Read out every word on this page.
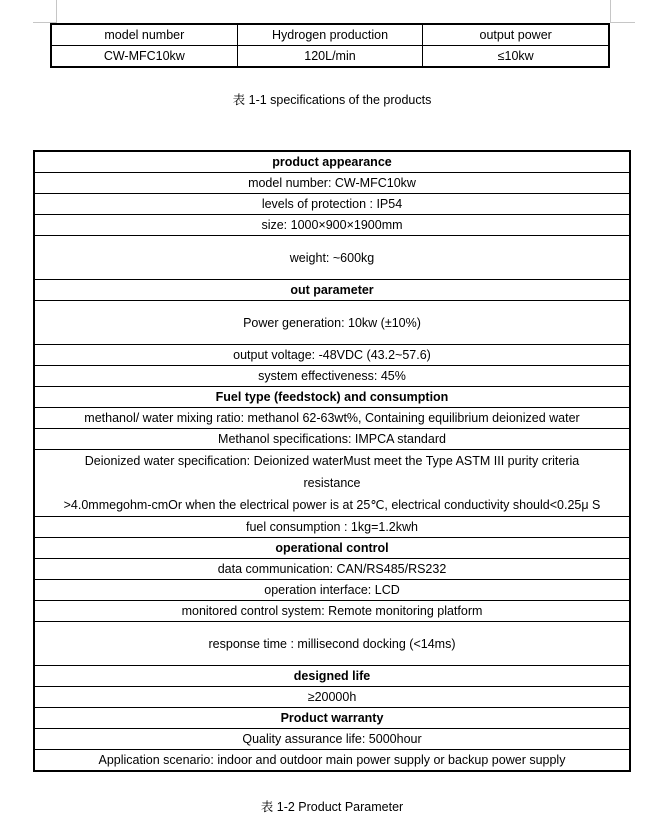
model number	Hydrogen production	output power
CW-MFC10kw	120L/min	≤10kw
表 1-1 specifications of the products
product appearance
model number: CW-MFC10kw
levels of protection : IP54
size: 1000×900×1900mm
weight: ~600kg
out parameter
Power generation: 10kw (±10%)
output voltage: -48VDC (43.2~57.6)
system effectiveness: 45%
Fuel type (feedstock) and consumption
methanol/ water mixing ratio: methanol 62-63wt%, Containing equilibrium deionized water
Methanol specifications: IMPCA standard
Deionized water specification: Deionized waterMust meet the Type ASTM III purity criteria
resistance
>4.0mmegohm-cmOr when the electrical power is at 25℃, electrical conductivity should<0.25μ S
fuel consumption : 1kg=1.2kwh
operational control
data communication: CAN/RS485/RS232
operation interface: LCD
monitored control system: Remote monitoring platform
response time : millisecond docking (<14ms)
designed life
≥20000h
Product warranty
Quality assurance life: 5000hour
Application scenario: indoor and outdoor main power supply or backup power supply
表 1-2 Product Parameter
